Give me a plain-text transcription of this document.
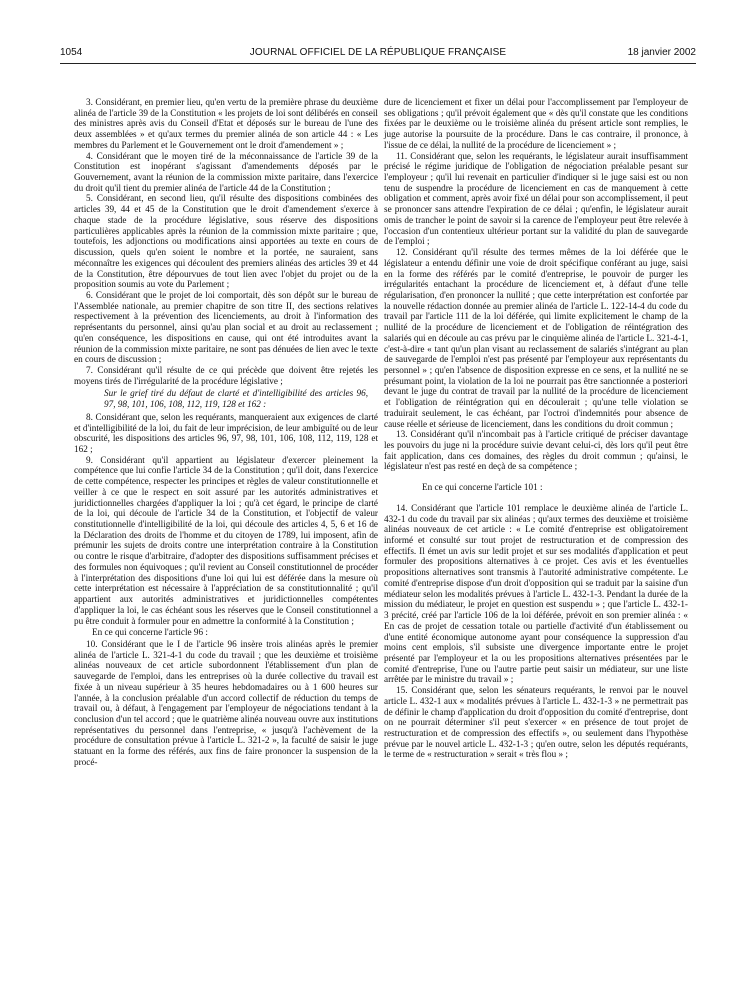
1054	JOURNAL OFFICIEL DE LA RÉPUBLIQUE FRANÇAISE	18 janvier 2002

3. Considérant, en premier lieu, qu'en vertu de la première phrase du deuxième alinéa de l'article 39 de la Constitution « les projets de loi sont délibérés en conseil des ministres après avis du Conseil d'Etat et déposés sur le bureau de l'une des deux assemblées » et qu'aux termes du premier alinéa de son article 44 : « Les membres du Parlement et le Gouvernement ont le droit d'amendement » ;

4. Considérant que le moyen tiré de la méconnaissance de l'article 39 de la Constitution est inopérant s'agissant d'amendements déposés par le Gouvernement, avant la réunion de la commission mixte paritaire, dans l'exercice du droit qu'il tient du premier alinéa de l'article 44 de la Constitution ;

5. Considérant, en second lieu, qu'il résulte des dispositions combinées des articles 39, 44 et 45 de la Constitution que le droit d'amendement s'exerce à chaque stade de la procédure législative, sous réserve des dispositions particulières applicables après la réunion de la commission mixte paritaire ; que, toutefois, les adjonctions ou modifications ainsi apportées au texte en cours de discussion, quels qu'en soient le nombre et la portée, ne sauraient, sans méconnaître les exigences qui découlent des premiers alinéas des articles 39 et 44 de la Constitution, être dépourvues de tout lien avec l'objet du projet ou de la proposition soumis au vote du Parlement ;

6. Considérant que le projet de loi comportait, dès son dépôt sur le bureau de l'Assemblée nationale, au premier chapitre de son titre II, des sections relatives respectivement à la prévention des licenciements, au droit à l'information des représentants du personnel, ainsi qu'au plan social et au droit au reclassement ; qu'en conséquence, les dispositions en cause, qui ont été introduites avant la réunion de la commission mixte paritaire, ne sont pas dénuées de lien avec le texte en cours de discussion ;

7. Considérant qu'il résulte de ce qui précède que doivent être rejetés les moyens tirés de l'irrégularité de la procédure législative ;

Sur le grief tiré du défaut de clarté et d'intelligibilité des articles 96, 97, 98, 101, 106, 108, 112, 119, 128 et 162 :

8. Considérant que, selon les requérants, manqueraient aux exigences de clarté et d'intelligibilité de la loi, du fait de leur imprécision, de leur ambiguïté ou de leur obscurité, les dispositions des articles 96, 97, 98, 101, 106, 108, 112, 119, 128 et 162 ;

9. Considérant qu'il appartient au législateur d'exercer pleinement la compétence que lui confie l'article 34 de la Constitution ; qu'il doit, dans l'exercice de cette compétence, respecter les principes et règles de valeur constitutionnelle et veiller à ce que le respect en soit assuré par les autorités administratives et juridictionnelles chargées d'appliquer la loi ; qu'à cet égard, le principe de clarté de la loi, qui découle de l'article 34 de la Constitution, et l'objectif de valeur constitutionnelle d'intelligibilité de la loi, qui découle des articles 4, 5, 6 et 16 de la Déclaration des droits de l'homme et du citoyen de 1789, lui imposent, afin de prémunir les sujets de droits contre une interprétation contraire à la Constitution ou contre le risque d'arbitraire, d'adopter des dispositions suffisamment précises et des formules non équivoques ; qu'il revient au Conseil constitutionnel de procéder à l'interprétation des dispositions d'une loi qui lui est déférée dans la mesure où cette interprétation est nécessaire à l'appréciation de sa constitutionnalité ; qu'il appartient aux autorités administratives et juridictionnelles compétentes d'appliquer la loi, le cas échéant sous les réserves que le Conseil constitutionnel a pu être conduit à formuler pour en admettre la conformité à la Constitution ;

En ce qui concerne l'article 96 :

10. Considérant que le I de l'article 96 insère trois alinéas après le premier alinéa de l'article L. 321-4-1 du code du travail ; que les deuxième et troisième alinéas nouveaux de cet article subordonnent l'établissement d'un plan de sauvegarde de l'emploi, dans les entreprises où la durée collective du travail est fixée à un niveau supérieur à 35 heures hebdomadaires ou à 1 600 heures sur l'année, à la conclusion préalable d'un accord collectif de réduction du temps de travail ou, à défaut, à l'engagement par l'employeur de négociations tendant à la conclusion d'un tel accord ; que le quatrième alinéa nouveau ouvre aux institutions représentatives du personnel dans l'entreprise, « jusqu'à l'achèvement de la procédure de consultation prévue à l'article L. 321-2 », la faculté de saisir le juge statuant en la forme des référés, aux fins de faire prononcer la suspension de la procé-

dure de licenciement et fixer un délai pour l'accomplissement par l'employeur de ses obligations ; qu'il prévoit également que « dès qu'il constate que les conditions fixées par le deuxième ou le troisième alinéa du présent article sont remplies, le juge autorise la poursuite de la procédure. Dans le cas contraire, il prononce, à l'issue de ce délai, la nullité de la procédure de licenciement » ;

11. Considérant que, selon les requérants, le législateur aurait insuffisamment précisé le régime juridique de l'obligation de négociation préalable pesant sur l'employeur ; qu'il lui revenait en particulier d'indiquer si le juge saisi est ou non tenu de suspendre la procédure de licenciement en cas de manquement à cette obligation et comment, après avoir fixé un délai pour son accomplissement, il peut se prononcer sans attendre l'expiration de ce délai ; qu'enfin, le législateur aurait omis de trancher le point de savoir si la carence de l'employeur peut être relevée à l'occasion d'un contentieux ultérieur portant sur la validité du plan de sauvegarde de l'emploi ;

12. Considérant qu'il résulte des termes mêmes de la loi déférée que le législateur a entendu définir une voie de droit spécifique conférant au juge, saisi en la forme des référés par le comité d'entreprise, le pouvoir de purger les irrégularités entachant la procédure de licenciement et, à défaut d'une telle régularisation, d'en prononcer la nullité ; que cette interprétation est confortée par la nouvelle rédaction donnée au premier alinéa de l'article L. 122-14-4 du code du travail par l'article 111 de la loi déférée, qui limite explicitement le champ de la nullité de la procédure de licenciement et de l'obligation de réintégration des salariés qui en découle au cas prévu par le cinquième alinéa de l'article L. 321-4-1, c'est-à-dire « tant qu'un plan visant au reclassement de salariés s'intégrant au plan de sauvegarde de l'emploi n'est pas présenté par l'employeur aux représentants du personnel » ; qu'en l'absence de disposition expresse en ce sens, et la nullité ne se présumant point, la violation de la loi ne pourrait pas être sanctionnée a posteriori devant le juge du contrat de travail par la nullité de la procédure de licenciement et l'obligation de réintégration qui en découlerait ; qu'une telle violation se traduirait seulement, le cas échéant, par l'octroi d'indemnités pour absence de cause réelle et sérieuse de licenciement, dans les conditions du droit commun ;

13. Considérant qu'il n'incombait pas à l'article critiqué de préciser davantage les pouvoirs du juge ni la procédure suivie devant celui-ci, dès lors qu'il peut être fait application, dans ces domaines, des règles du droit commun ; qu'ainsi, le législateur n'est pas resté en deçà de sa compétence ;

En ce qui concerne l'article 101 :

14. Considérant que l'article 101 remplace le deuxième alinéa de l'article L. 432-1 du code du travail par six alinéas ; qu'aux termes des deuxième et troisième alinéas nouveaux de cet article : « Le comité d'entreprise est obligatoirement informé et consulté sur tout projet de restructuration et de compression des effectifs. Il émet un avis sur ledit projet et sur ses modalités d'application et peut formuler des propositions alternatives à ce projet. Ces avis et les éventuelles propositions alternatives sont transmis à l'autorité administrative compétente. Le comité d'entreprise dispose d'un droit d'opposition qui se traduit par la saisine d'un médiateur selon les modalités prévues à l'article L. 432-1-3. Pendant la durée de la mission du médiateur, le projet en question est suspendu » ; que l'article L. 432-1-3 précité, créé par l'article 106 de la loi déférée, prévoit en son premier alinéa : « En cas de projet de cessation totale ou partielle d'activité d'un établissement ou d'une entité économique autonome ayant pour conséquence la suppression d'au moins cent emplois, s'il subsiste une divergence importante entre le projet présenté par l'employeur et la ou les propositions alternatives présentées par le comité d'entreprise, l'une ou l'autre partie peut saisir un médiateur, sur une liste arrêtée par le ministre du travail » ;

15. Considérant que, selon les sénateurs requérants, le renvoi par le nouvel article L. 432-1 aux « modalités prévues à l'article L. 432-1-3 » ne permettrait pas de définir le champ d'application du droit d'opposition du comité d'entreprise, dont on ne pourrait déterminer s'il peut s'exercer « en présence de tout projet de restructuration et de compression des effectifs », ou seulement dans l'hypothèse prévue par le nouvel article L. 432-1-3 ; qu'en outre, selon les députés requérants, le terme de « restructuration » serait « très flou » ;
